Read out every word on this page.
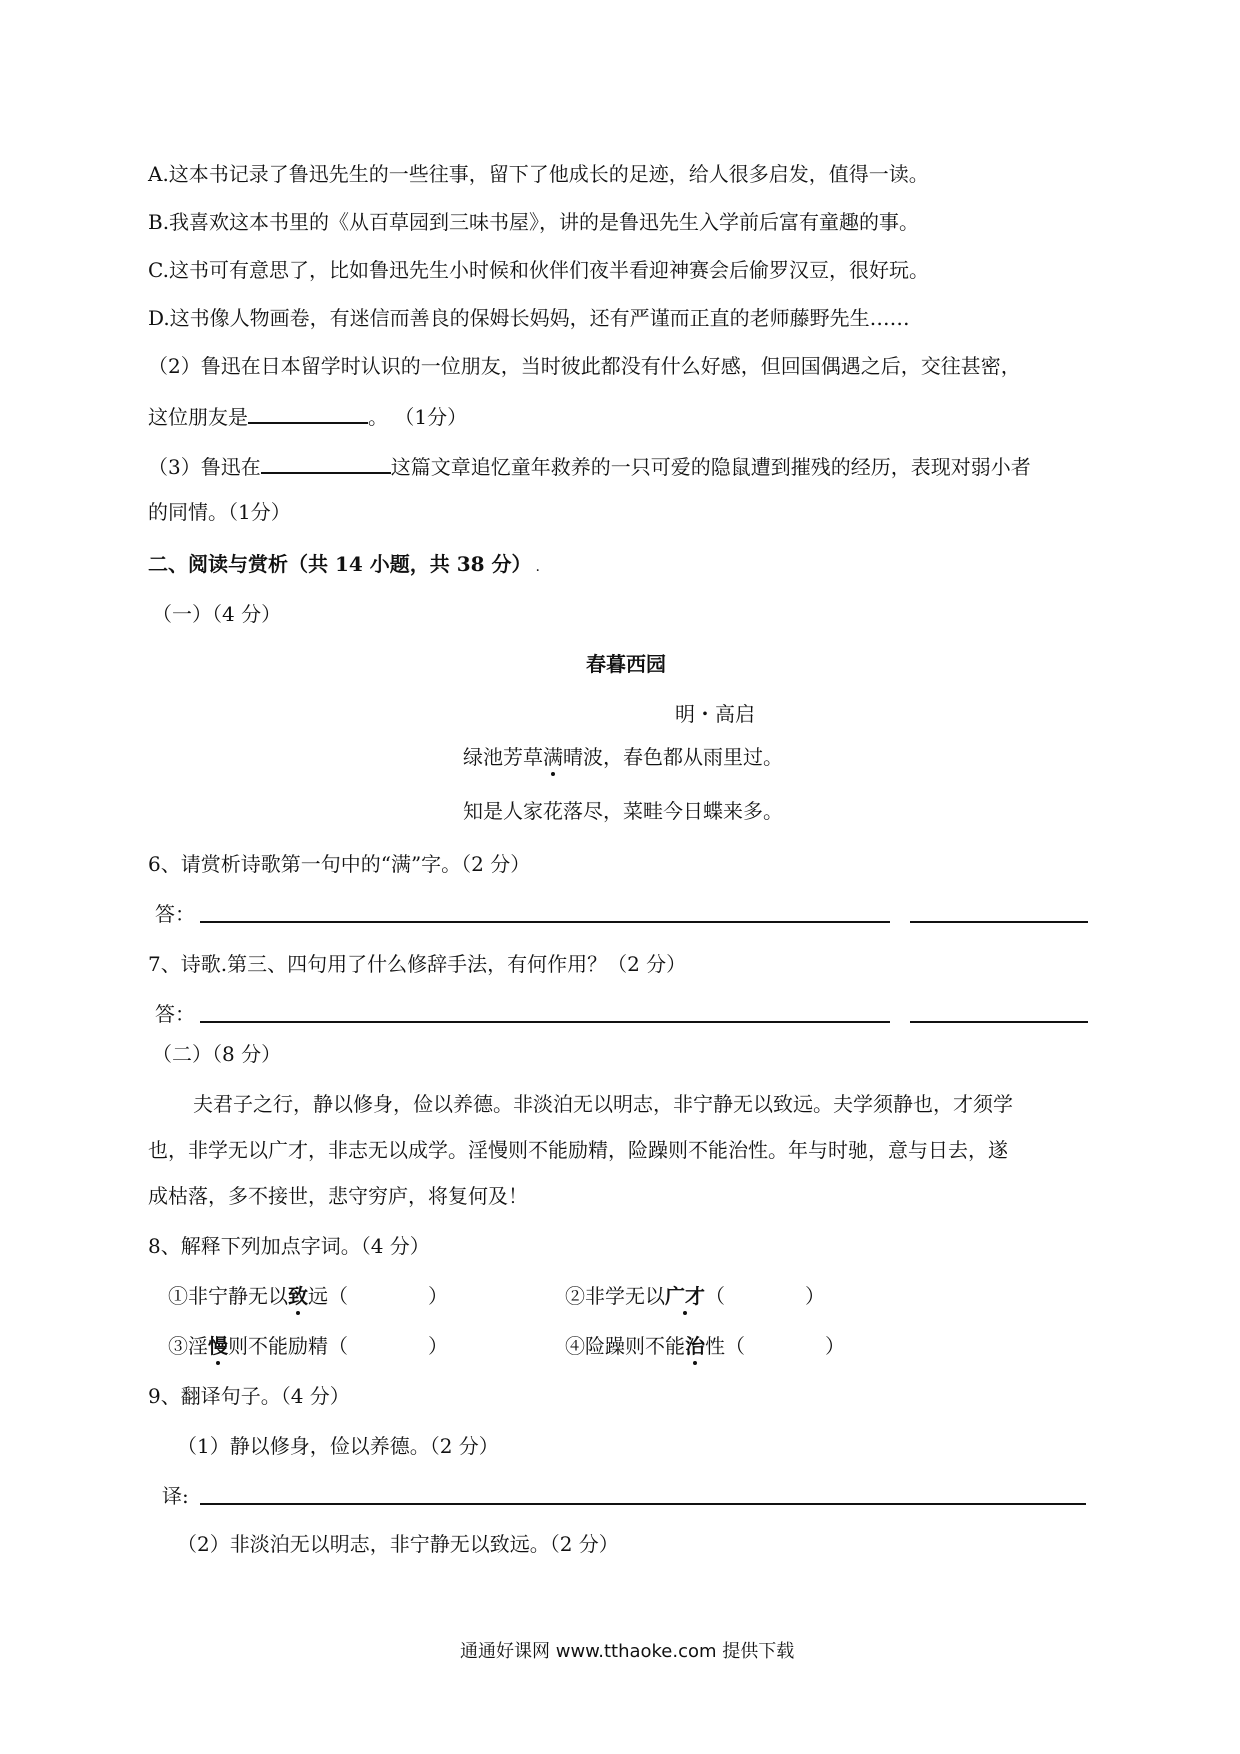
A.这本书记录了鲁迅先生的一些往事，留下了他成长的足迹，给人很多启发，值得一读。
B.我喜欢这本书里的《从百草园到三味书屋》，讲的是鲁迅先生入学前后富有童趣的事。
C.这书可有意思了，比如鲁迅先生小时候和伙伴们夜半看迎神赛会后偷罗汉豆，很好玩。
D.这书像人物画卷，有迷信而善良的保姆长妈妈，还有严谨而正直的老师藤野先生……
（2）鲁迅在日本留学时认识的一位朋友，当时彼此都没有什么好感，但回国偶遇之后，交往甚密，
这位朋友是	。 （1分）
（3）鲁迅在	这篇文章追忆童年救养的一只可爱的隐鼠遭到摧残的经历，表现对弱小者
的同情。（1分）
二、阅读与赏析（共 14 小题，共 38 分） .
（一）（4 分）
春暮西园
明・高启
绿池芳草满晴波，春色都从雨里过。
知是人家花落尽，菜畦今日蝶来多。
6、请赏析诗歌第一句中的“满”字。（2 分）
答：
7、诗歌.第三、四句用了什么修辞手法，有何作用？（2 分）
答：
（二）（8 分）
夫君子之行，静以修身，俭以养德。非淡泊无以明志，非宁静无以致远。夫学须静也，才须学
也，非学无以广才，非志无以成学。淫慢则不能励精，险躁则不能治性。年与时驰，意与日去，遂
成枯落，多不接世，悲守穷庐，将复何及！
8、解释下列加点字词。（4 分）
①非宁静无以致远（　　　　）	②非学无以广才（　　　　）
③淫慢则不能励精（　　　　）	④险躁则不能治性（　　　　）
9、翻译句子。（4 分）
（1）静以修身，俭以养德。（2 分）
译:
（2）非淡泊无以明志，非宁静无以致远。（2 分）
通通好课网 www.tthaoke.com 提供下载
